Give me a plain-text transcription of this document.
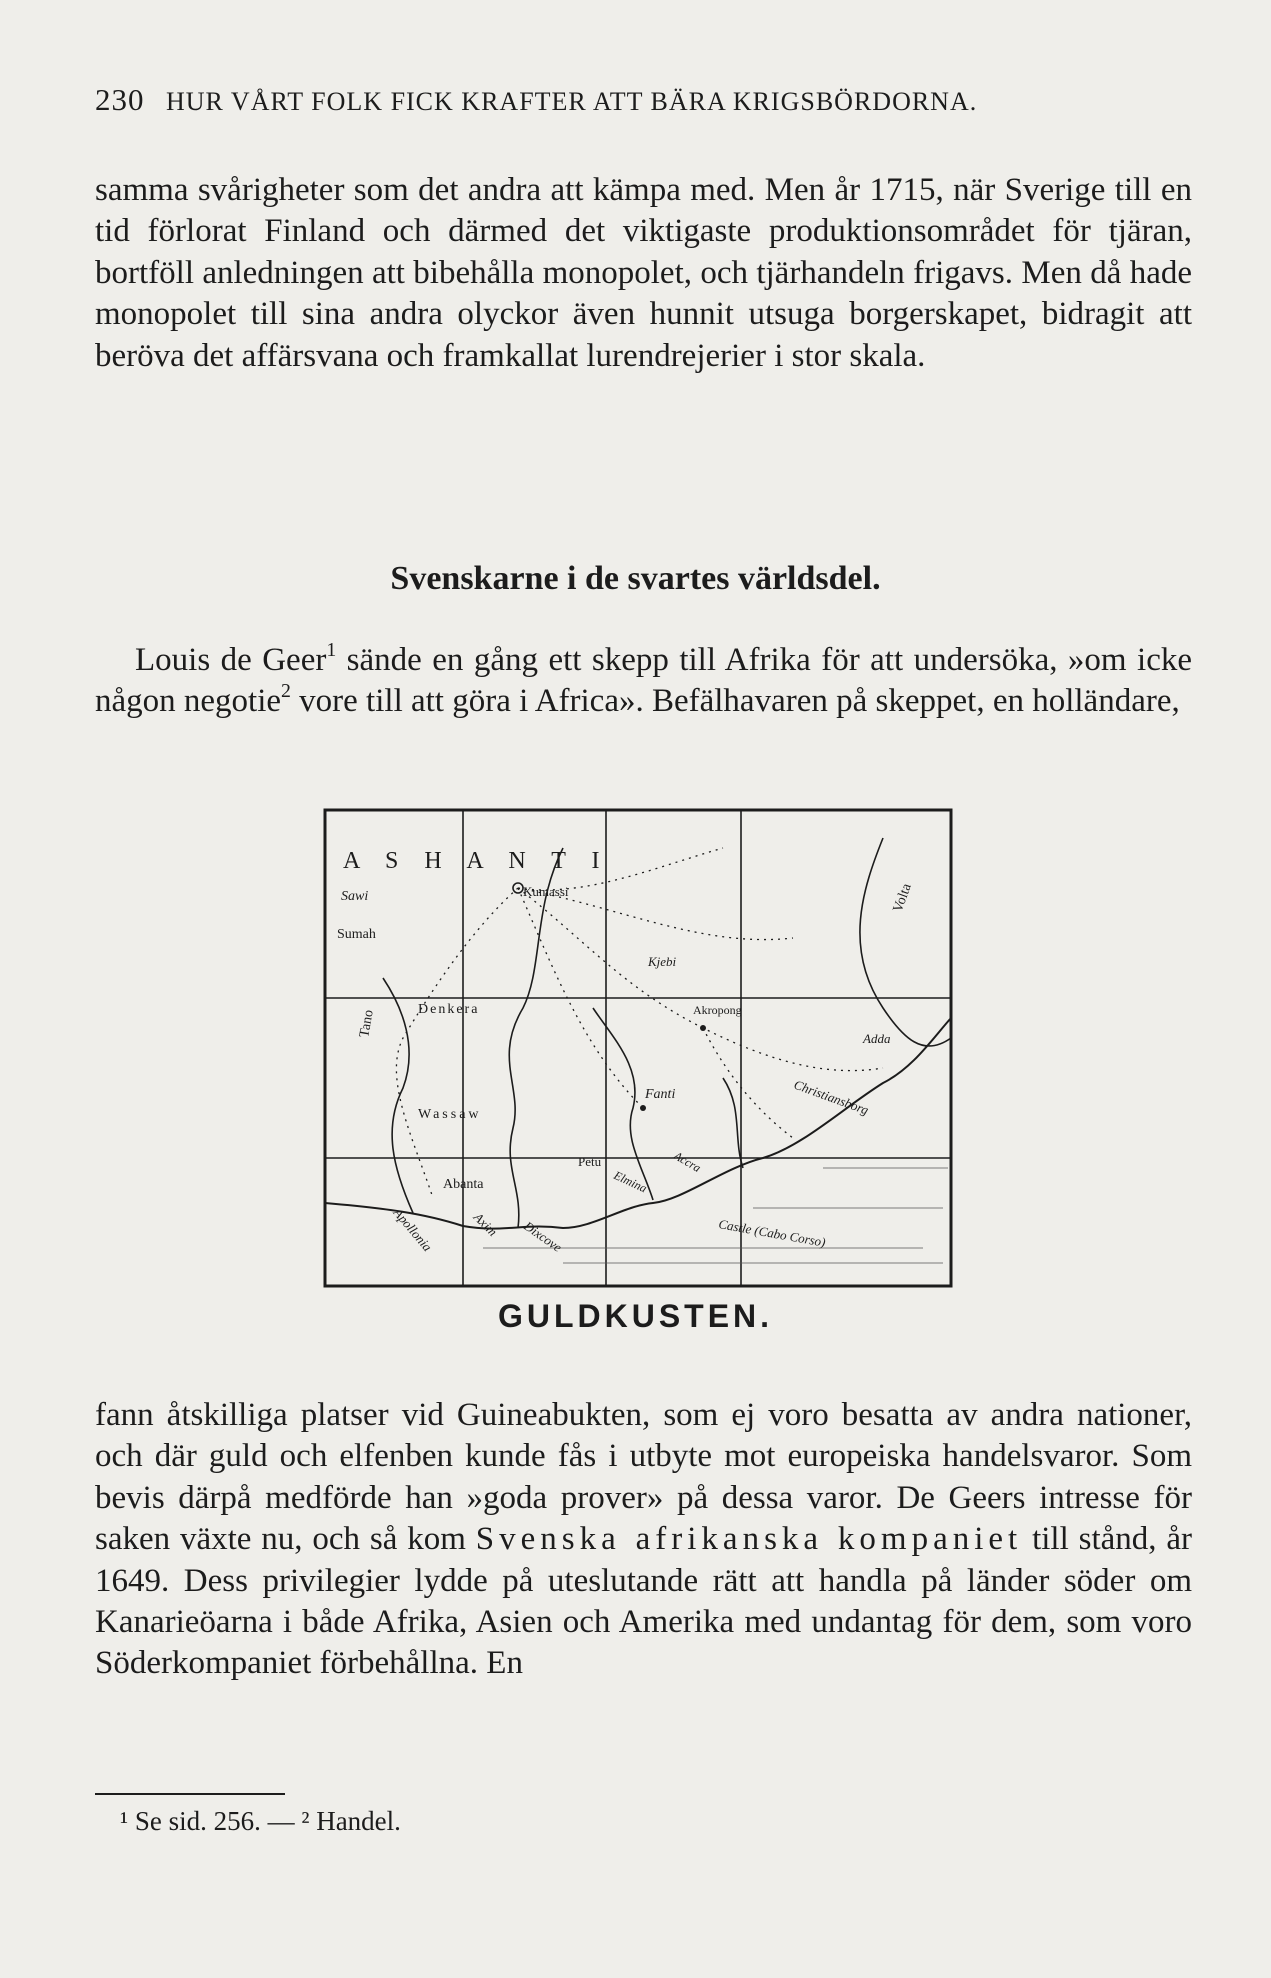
230 HUR VÅRT FOLK FICK KRAFTER ATT BÄRA KRIGSBÖRDORNA.
samma svårigheter som det andra att kämpa med. Men år 1715, när Sverige till en tid förlorat Finland och därmed det viktigaste produktionsområdet för tjäran, bortföll anledningen att bibehålla monopolet, och tjärhandeln frigavs. Men då hade monopolet till sina andra olyckor även hunnit utsuga borgerskapet, bidragit att beröva det affärsvana och framkallat lurendrejerier i stor skala.
Svenskarne i de svartes världsdel.
Louis de Geer$^1$ sände en gång ett skepp till Afrika för att undersöka, »om icke någon negotie$^2$ vore till att göra i Africa». Befälhavaren på skeppet, en holländare,
A S H A N T I
Sawi
Sumah
Kumassi
Kjebi
Volta
Denkera	Akropong
Adda
Tano
Fanti	Christiansborg
Wassaw
Petu
Abanta
Apollonia	Axim Dixcove	Castle (Cabo Corso)
Elmina
Accra
GULDKUSTEN.
fann åtskilliga platser vid Guineabukten, som ej voro besatta av andra nationer, och där guld och elfenben kunde fås i utbyte mot europeiska handelsvaror. Som bevis därpå medförde han »goda prover» på dessa varor. De Geers intresse för saken växte nu, och så kom Svenska afrikanska kompaniet till stånd, år 1649. Dess privilegier lydde på uteslutande rätt att handla på länder söder om Kanarieöarna i både Afrika, Asien och Amerika med undantag för dem, som voro Söderkompaniet förbehållna. En
¹ Se sid. 256. — ² Handel.
